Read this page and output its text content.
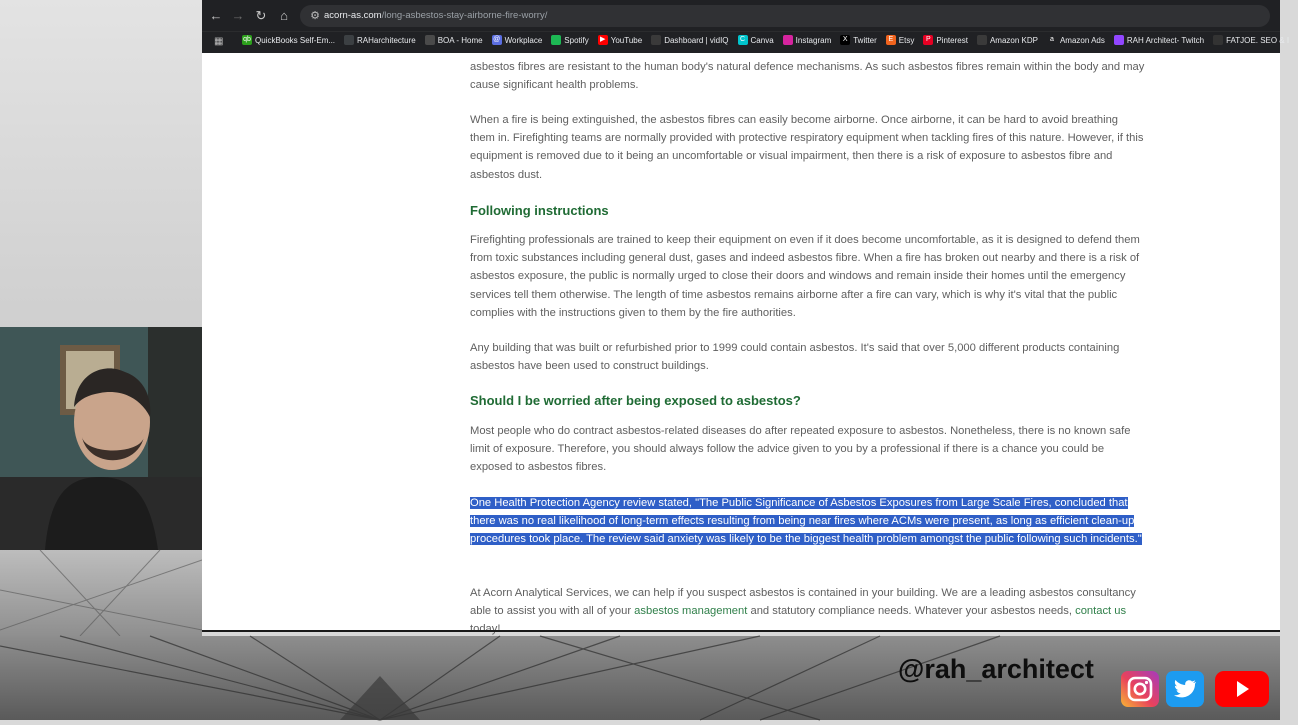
← → ↻	⌂	⚙ acorn-as.com/long-asbestos-stay-airborne-fire-worry/
▦	qb QuickBooks Self-Em...	RAHarchitecture	BOA - Home @ Workplace	Spotify	▶ YouTube	Dashboard | vidIQ	C Canva	Instagram	X Twitter	E Etsy	P Pinterest	Amazon KDP	a Amazon Ads	RAH Architect- Twitch	FATJOE. SEO & I

asbestos fibres are resistant to the human body's natural defence mechanisms. As such asbestos fibres remain within the body and may cause significant health problems.

When a fire is being extinguished, the asbestos fibres can easily become airborne. Once airborne, it can be hard to avoid breathing them in. Firefighting teams are normally provided with protective respiratory equipment when tackling fires of this nature. However, if this equipment is removed due to it being an uncomfortable or visual impairment, then there is a risk of exposure to asbestos fibre and asbestos dust.

Following instructions

Firefighting professionals are trained to keep their equipment on even if it does become uncomfortable, as it is designed to defend them from toxic substances including general dust, gases and indeed asbestos fibre. When a fire has broken out nearby and there is a risk of asbestos exposure, the public is normally urged to close their doors and windows and remain inside their homes until the emergency services tell them otherwise. The length of time asbestos remains airborne after a fire can vary, which is why it's vital that the public complies with the instructions given to them by the fire authorities.

Any building that was built or refurbished prior to 1999 could contain asbestos. It's said that over 5,000 different products containing asbestos have been used to construct buildings.

Should I be worried after being exposed to asbestos?

Most people who do contract asbestos-related diseases do after repeated exposure to asbestos. Nonetheless, there is no known safe limit of exposure. Therefore, you should always follow the advice given to you by a professional if there is a chance you could be exposed to asbestos fibres.

One Health Protection Agency review stated, "The Public Significance of Asbestos Exposures from Large Scale Fires, concluded that there was no real likelihood of long-term effects resulting from being near fires where ACMs were present, as long as efficient clean-up procedures took place. The review said anxiety was likely to be the biggest health problem amongst the public following such incidents."

At Acorn Analytical Services, we can help if you suspect asbestos is contained in your building. We are a leading asbestos consultancy able to assist you with all of your asbestos management and statutory compliance needs. Whatever your asbestos needs, contact us

@rah_architect
